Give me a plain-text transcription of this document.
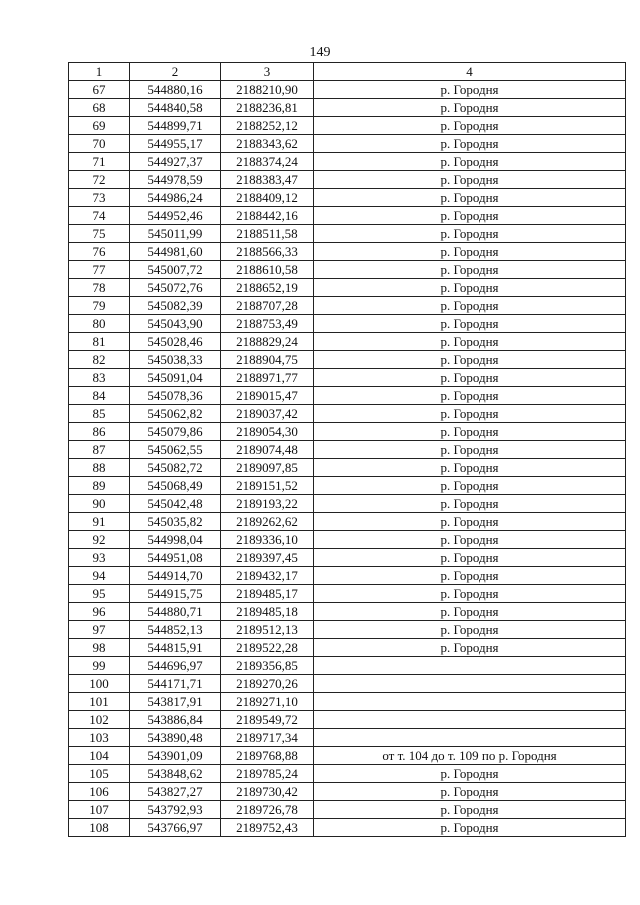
149
1	2	3	4
67	544880,16	2188210,90	р. Городня
68	544840,58	2188236,81	р. Городня
69	544899,71	2188252,12	р. Городня
70	544955,17	2188343,62	р. Городня
71	544927,37	2188374,24	р. Городня
72	544978,59	2188383,47	р. Городня
73	544986,24	2188409,12	р. Городня
74	544952,46	2188442,16	р. Городня
75	545011,99	2188511,58	р. Городня
76	544981,60	2188566,33	р. Городня
77	545007,72	2188610,58	р. Городня
78	545072,76	2188652,19	р. Городня
79	545082,39	2188707,28	р. Городня
80	545043,90	2188753,49	р. Городня
81	545028,46	2188829,24	р. Городня
82	545038,33	2188904,75	р. Городня
83	545091,04	2188971,77	р. Городня
84	545078,36	2189015,47	р. Городня
85	545062,82	2189037,42	р. Городня
86	545079,86	2189054,30	р. Городня
87	545062,55	2189074,48	р. Городня
88	545082,72	2189097,85	р. Городня
89	545068,49	2189151,52	р. Городня
90	545042,48	2189193,22	р. Городня
91	545035,82	2189262,62	р. Городня
92	544998,04	2189336,10	р. Городня
93	544951,08	2189397,45	р. Городня
94	544914,70	2189432,17	р. Городня
95	544915,75	2189485,17	р. Городня
96	544880,71	2189485,18	р. Городня
97	544852,13	2189512,13	р. Городня
98	544815,91	2189522,28	р. Городня
99	544696,97	2189356,85	
100	544171,71	2189270,26	
101	543817,91	2189271,10	
102	543886,84	2189549,72	
103	543890,48	2189717,34	
104	543901,09	2189768,88	от т. 104 до т. 109 по р. Городня
105	543848,62	2189785,24	р. Городня
106	543827,27	2189730,42	р. Городня
107	543792,93	2189726,78	р. Городня
108	543766,97	2189752,43	р. Городня
